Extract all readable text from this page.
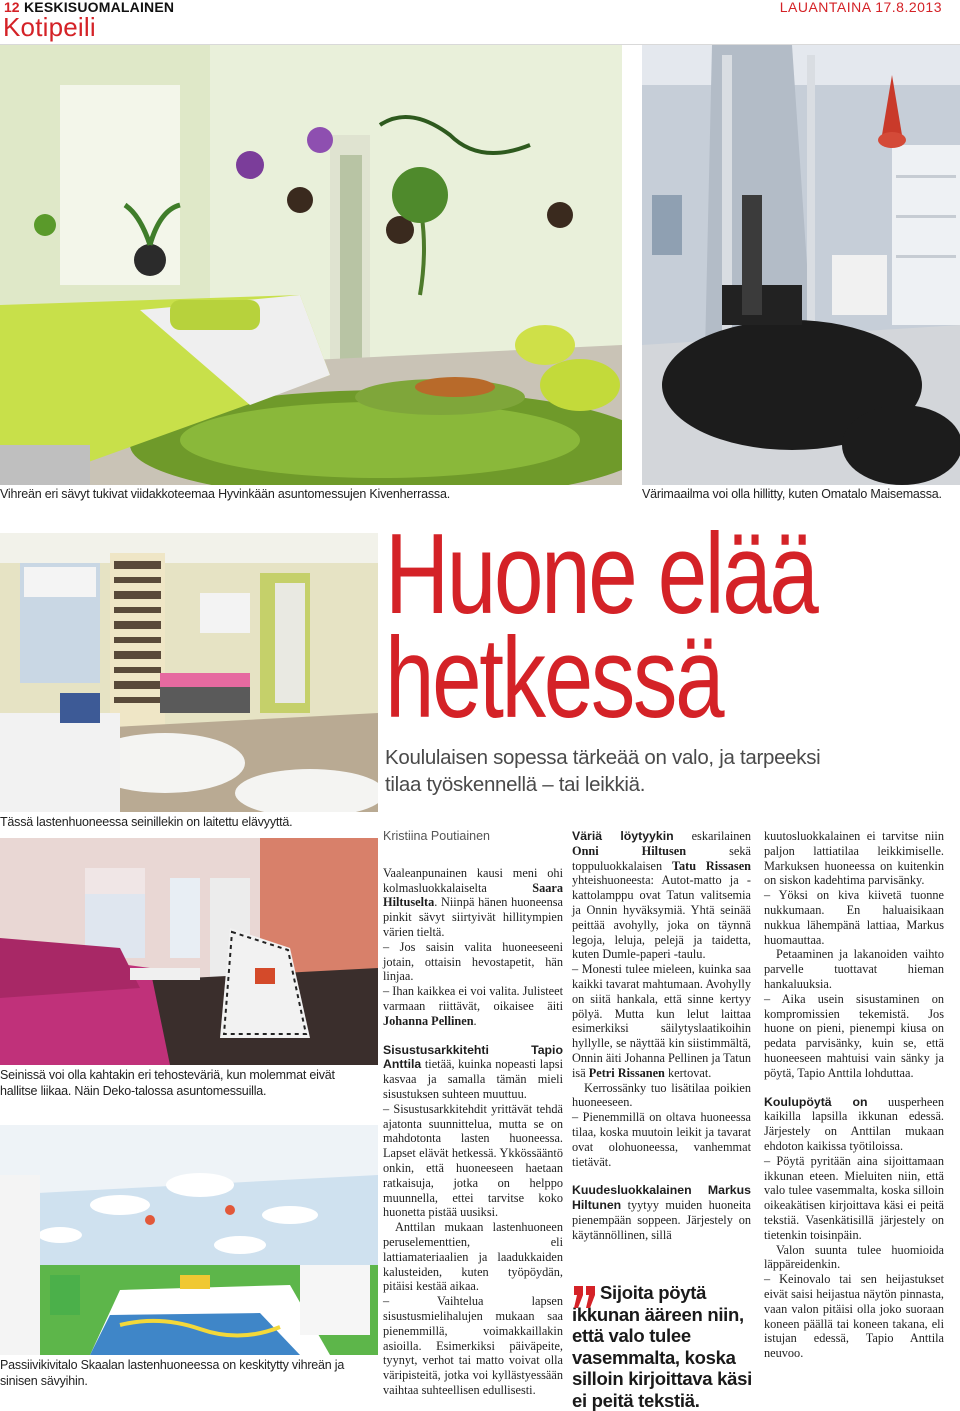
12 KESKISUOMALAINEN
Kotipeili
LAUANTAINA 17.8.2013
Vihreän eri sävyt tukivat viidakkoteemaa Hyvinkään asuntomessujen Kivenherrassa.	Värimaailma voi olla hillitty, kuten Omatalo Maisemassa.
Tässä lastenhuoneessa seinillekin on laitettu elävyyttä.
Seinissä voi olla kahtakin eri tehosteväriä, kun molemmat eivät hallitse liikaa. Näin Deko-talossa asuntomessuilla.
Passiivikivitalo Skaalan lastenhuoneessa on keskitytty vihreän ja sinisen sävyihin.
Huone elää
hetkessä
Koululaisen sopessa tärkeää on valo, ja tarpeeksi tilaa työskennellä – tai leikkiä.

Kristiina Poutiainen

Vaaleanpunainen kausi meni ohi kolmasluokkalaiselta Saara Hiltuselta. Niinpä hänen huoneensa pinkit sävyt siirtyivät hillitympien värien tieltä.

– Jos saisin valita huoneeseeni jotain, ottaisin hevostapetit, hän linjaa.

– Ihan kaikkea ei voi valita. Julisteet varmaan riittävät, oikaisee äiti Johanna Pellinen.

Sisustusarkkitehti Tapio Anttila tietää, kuinka nopeasti lapsi kasvaa ja samalla tämän mieli sisustuksen suhteen muuttuu.

– Sisustusarkkitehdit yrittävät tehdä ajatonta suunnittelua, mutta se on mahdotonta lasten huoneessa. Lapset elävät hetkessä. Ykkössääntö onkin, että huoneeseen haetaan ratkaisuja, jotka on helppo muunnella, ettei tarvitse koko huonetta pistää uusiksi.

Anttilan mukaan lastenhuoneen peruselementtien, eli lattiamateriaalien ja laadukkaiden kalusteiden, kuten työpöydän, pitäisi kestää aikaa.

– Vaihtelua lapsen sisustusmielihalujen mukaan saa pienemmillä, voimakkaillakin asioilla. Esimerkiksi päiväpeite, tyynyt, verhot tai matto voivat olla väripisteitä, jotka voi kyllästyessään vaihtaa suhteellisen edullisesti.

Väriä löytyykin eskarilainen Onni Hiltusen sekä toppuluokkalaisen Tatu Rissasen yhteishuoneesta: Autot-matto ja -kattolamppu ovat Tatun valitsemia ja Onnin hyväksymiä. Yhtä seinää peittää avohylly, joka on täynnä legoja, leluja, pelejä ja taidetta, kuten Dumle-paperi -taulu.

– Monesti tulee mieleen, kuinka saa kaikki tavarat mahtumaan. Avohylly on siitä hankala, että sinne kertyy pölyä. Mutta kun lelut laittaa esimerkiksi säilytyslaatikoihin hyllylle, se näyttää kin siistimmältä, Onnin äiti Johanna Pellinen ja Tatun isä Petri Rissanen kertovat.

Kerrossänky tuo lisätilaa poikien huoneeseen.

– Pienemmillä on oltava huoneessa tilaa, koska muutoin leikit ja tavarat ovat olohuoneessa, vanhemmat tietävät.

Kuudesluokkalainen Markus Hiltunen tyytyy muiden huoneita pienempään soppeen. Järjestely on käytännöllinen, sillä

Sijoita pöytä ikkunan ääreen niin, että valo tulee vasemmalta, koska silloin kirjoittava käsi ei peitä tekstiä.

kuutosluokkalainen ei tarvitse niin paljon lattiatilaa leikkimiselle. Markuksen huoneessa on kuitenkin on siskon kadehtima parvisänky.

– Yöksi on kiva kiivetä tuonne nukkumaan. En haluaisikaan nukkua lähempänä lattiaa, Markus huomauttaa.

Petaaminen ja lakanoiden vaihto parvelle tuottavat hieman hankaluuksia.

– Aika usein sisustaminen on kompromissien tekemistä. Jos huone on pieni, pienempi kiusa on pedata parvisänky, kuin se, että huoneeseen mahtuisi vain sänky ja pöytä, Tapio Anttila lohduttaa.

Koulupöytä on uusperheen kaikilla lapsilla ikkunan edessä. Järjestely on Anttilan mukaan ehdoton kaikissa työtiloissa.

– Pöytä pyritään aina sijoittamaan ikkunan eteen. Mieluiten niin, että valo tulee vasemmalta, koska silloin oikeakätisen kirjoittava käsi ei peitä tekstiä. Vasenkätisillä järjestely on tietenkin toisinpäin.

Valon suunta tulee huomioida läppäreidenkin.

– Keinovalo tai sen heijastukset eivät saisi heijastua näytön pinnasta, vaan valon pitäisi olla joko suoraan koneen päällä tai koneen takana, eli istujan edessä, Tapio Anttila neuvoo.
